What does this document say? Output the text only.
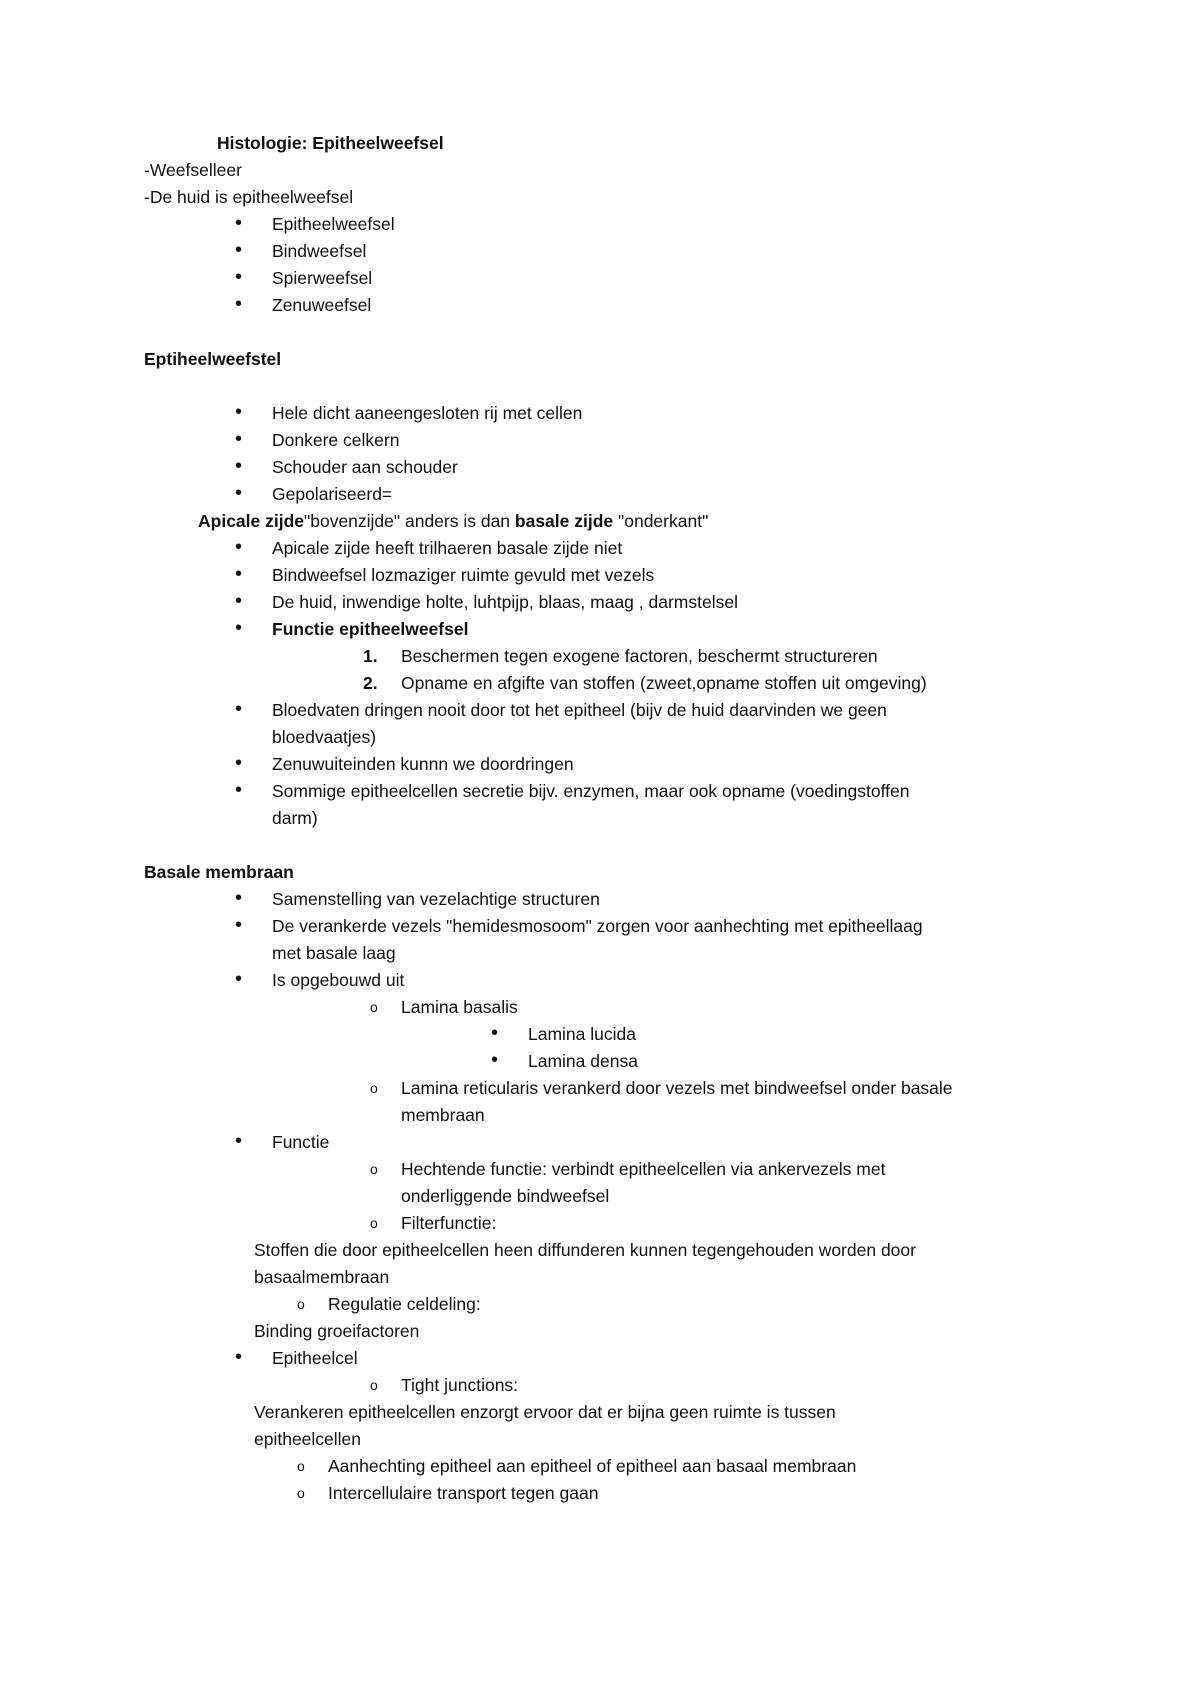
Histologie: Epitheelweefsel
-Weefselleer
-De huid is epitheelweefsel
• Epitheelweefsel
• Bindweefsel
• Spierweefsel
• Zenuweefsel
Eptiheelweefstel
• Hele dicht aaneengesloten rij met cellen
• Donkere celkern
• Schouder aan schouder
• Gepolariseerd=
Apicale zijde"bovenzijde" anders is dan basale zijde "onderkant"
• Apicale zijde heeft trilhaeren basale zijde niet
• Bindweefsel lozmaziger ruimte gevuld met vezels
• De huid, inwendige holte, luhtpijp, blaas, maag , darmstelsel
• Functie epitheelweefsel
1. Beschermen tegen exogene factoren, beschermt structureren
2. Opname en afgifte van stoffen (zweet,opname stoffen uit omgeving)
• Bloedvaten dringen nooit door tot het epitheel (bijv de huid daarvinden we geen
bloedvaatjes)
• Zenuwuiteinden kunnn we doordringen
• Sommige epitheelcellen secretie bijv. enzymen, maar ook opname (voedingstoffen
darm)
Basale membraan
• Samenstelling van vezelachtige structuren
• De verankerde vezels "hemidesmosoom" zorgen voor aanhechting met epitheellaag
met basale laag
• Is opgebouwd uit
o Lamina basalis
• Lamina lucida
• Lamina densa
o Lamina reticularis verankerd door vezels met bindweefsel onder basale
membraan
• Functie
o Hechtende functie: verbindt epitheelcellen via ankervezels met
onderliggende bindweefsel
o Filterfunctie:
Stoffen die door epitheelcellen heen diffunderen kunnen tegengehouden worden door
basaalmembraan
o Regulatie celdeling:
Binding groeifactoren
• Epitheelcel
o Tight junctions:
Verankeren epitheelcellen enzorgt ervoor dat er bijna geen ruimte is tussen
epitheelcellen
o Aanhechting epitheel aan epitheel of epitheel aan basaal membraan
o Intercellulaire transport tegen gaan
